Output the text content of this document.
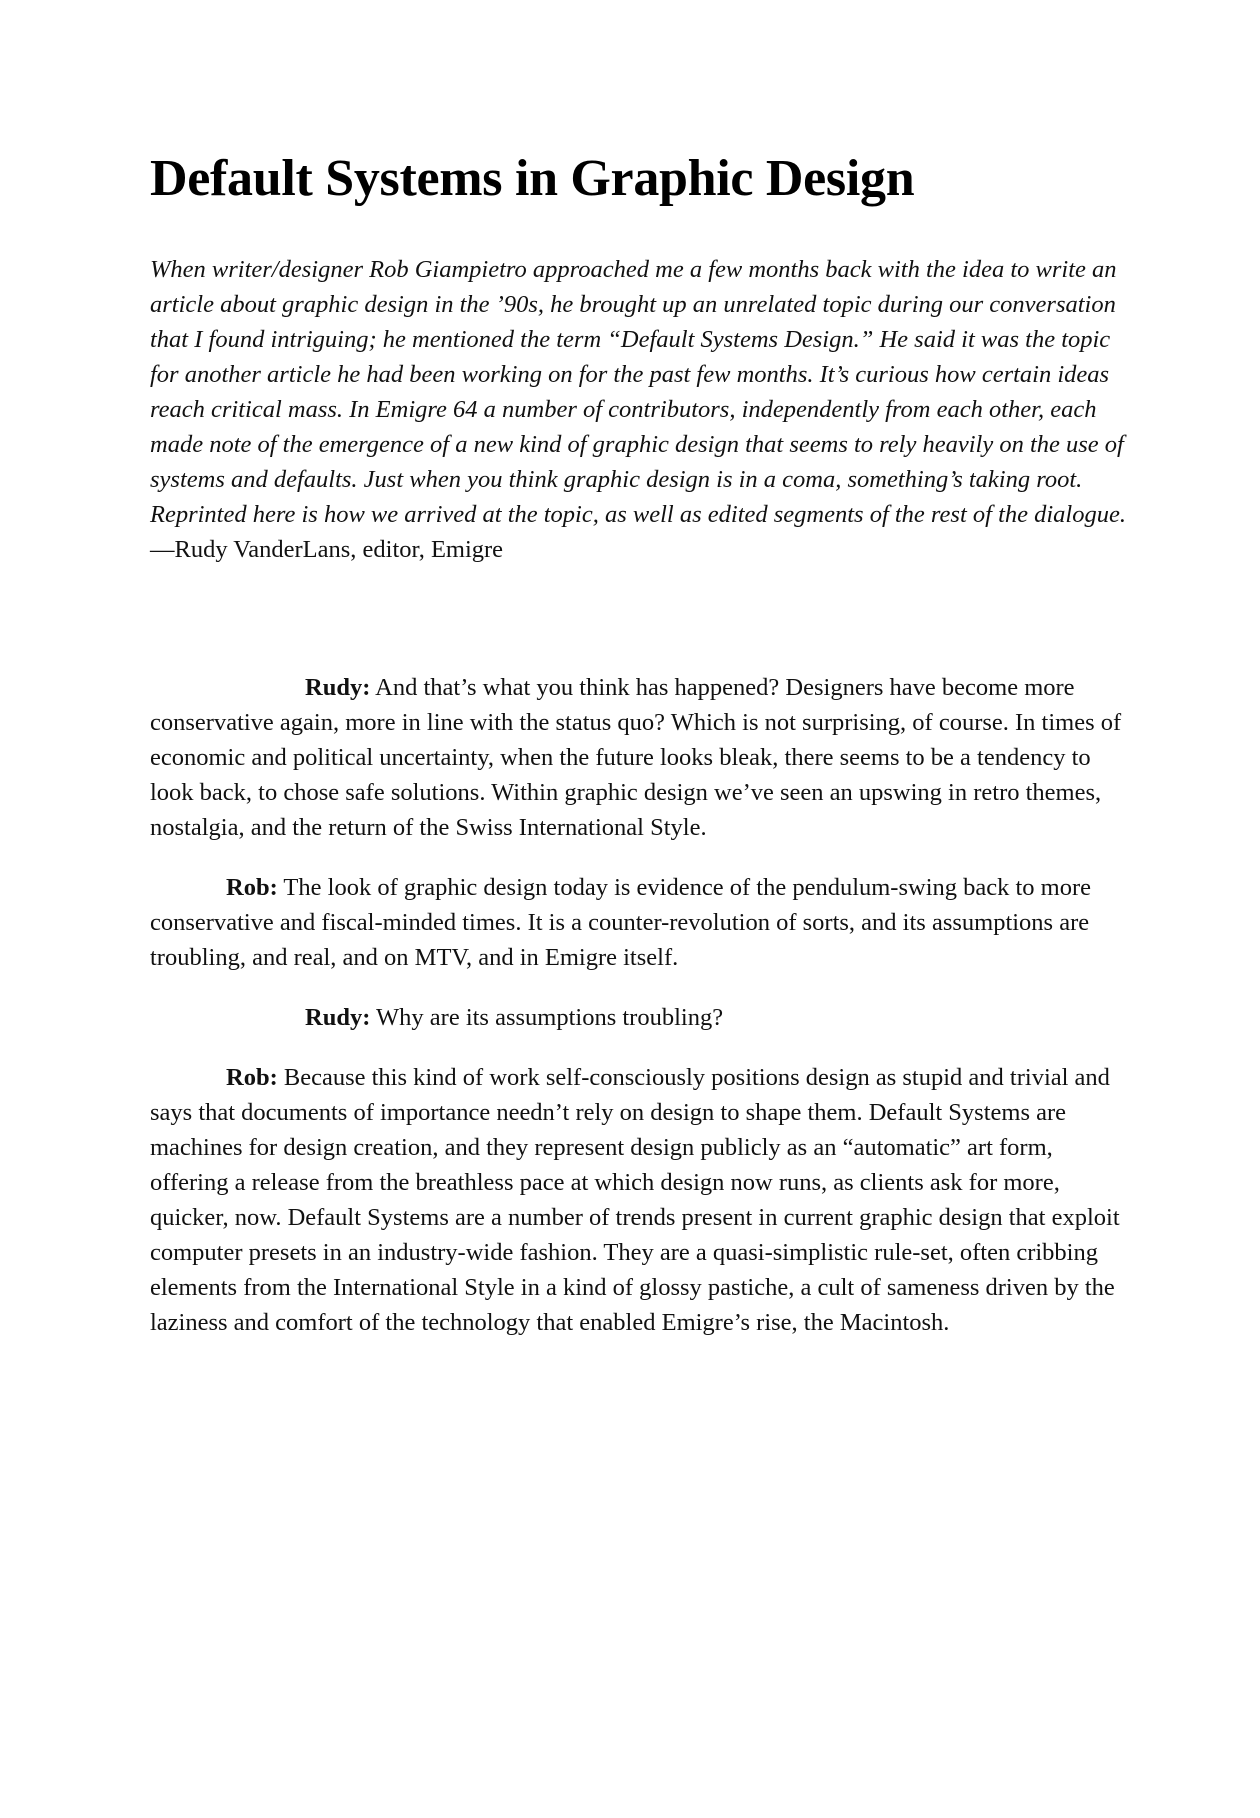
Default Systems in Graphic Design

When writer/designer Rob Giampietro approached me a few months back with the idea to write an article about graphic design in the ’90s, he brought up an unrelated topic during our conversation that I found intriguing; he mentioned the term “Default Systems Design.” He said it was the topic for another article he had been working on for the past few months. It’s curious how certain ideas reach critical mass. In Emigre 64 a number of contributors, independently from each other, each made note of the emergence of a new kind of graphic design that seems to rely heavily on the use of systems and defaults. Just when you think graphic design is in a coma, something’s taking root. Reprinted here is how we arrived at the topic, as well as edited segments of the rest of the dialogue. —Rudy VanderLans, editor, Emigre

Rudy: And that’s what you think has happened? Designers have become more conservative again, more in line with the status quo? Which is not surprising, of course. In times of economic and political uncertainty, when the future looks bleak, there seems to be a tendency to look back, to chose safe solutions. Within graphic design we’ve seen an upswing in retro themes, nostalgia, and the return of the Swiss International Style.

Rob: The look of graphic design today is evidence of the pendulum-swing back to more conservative and fiscal-minded times. It is a counter-revolution of sorts, and its assumptions are troubling, and real, and on MTV, and in Emigre itself.

Rudy: Why are its assumptions troubling?

Rob: Because this kind of work self-consciously positions design as stupid and trivial and says that documents of importance needn’t rely on design to shape them. Default Systems are machines for design creation, and they represent design publicly as an “automatic” art form, offering a release from the breathless pace at which design now runs, as clients ask for more, quicker, now. Default Systems are a number of trends present in current graphic design that exploit computer presets in an industry-wide fashion. They are a quasi-simplistic rule-set, often cribbing elements from the International Style in a kind of glossy pastiche, a cult of sameness driven by the laziness and comfort of the technology that enabled Emigre’s rise, the Macintosh.
